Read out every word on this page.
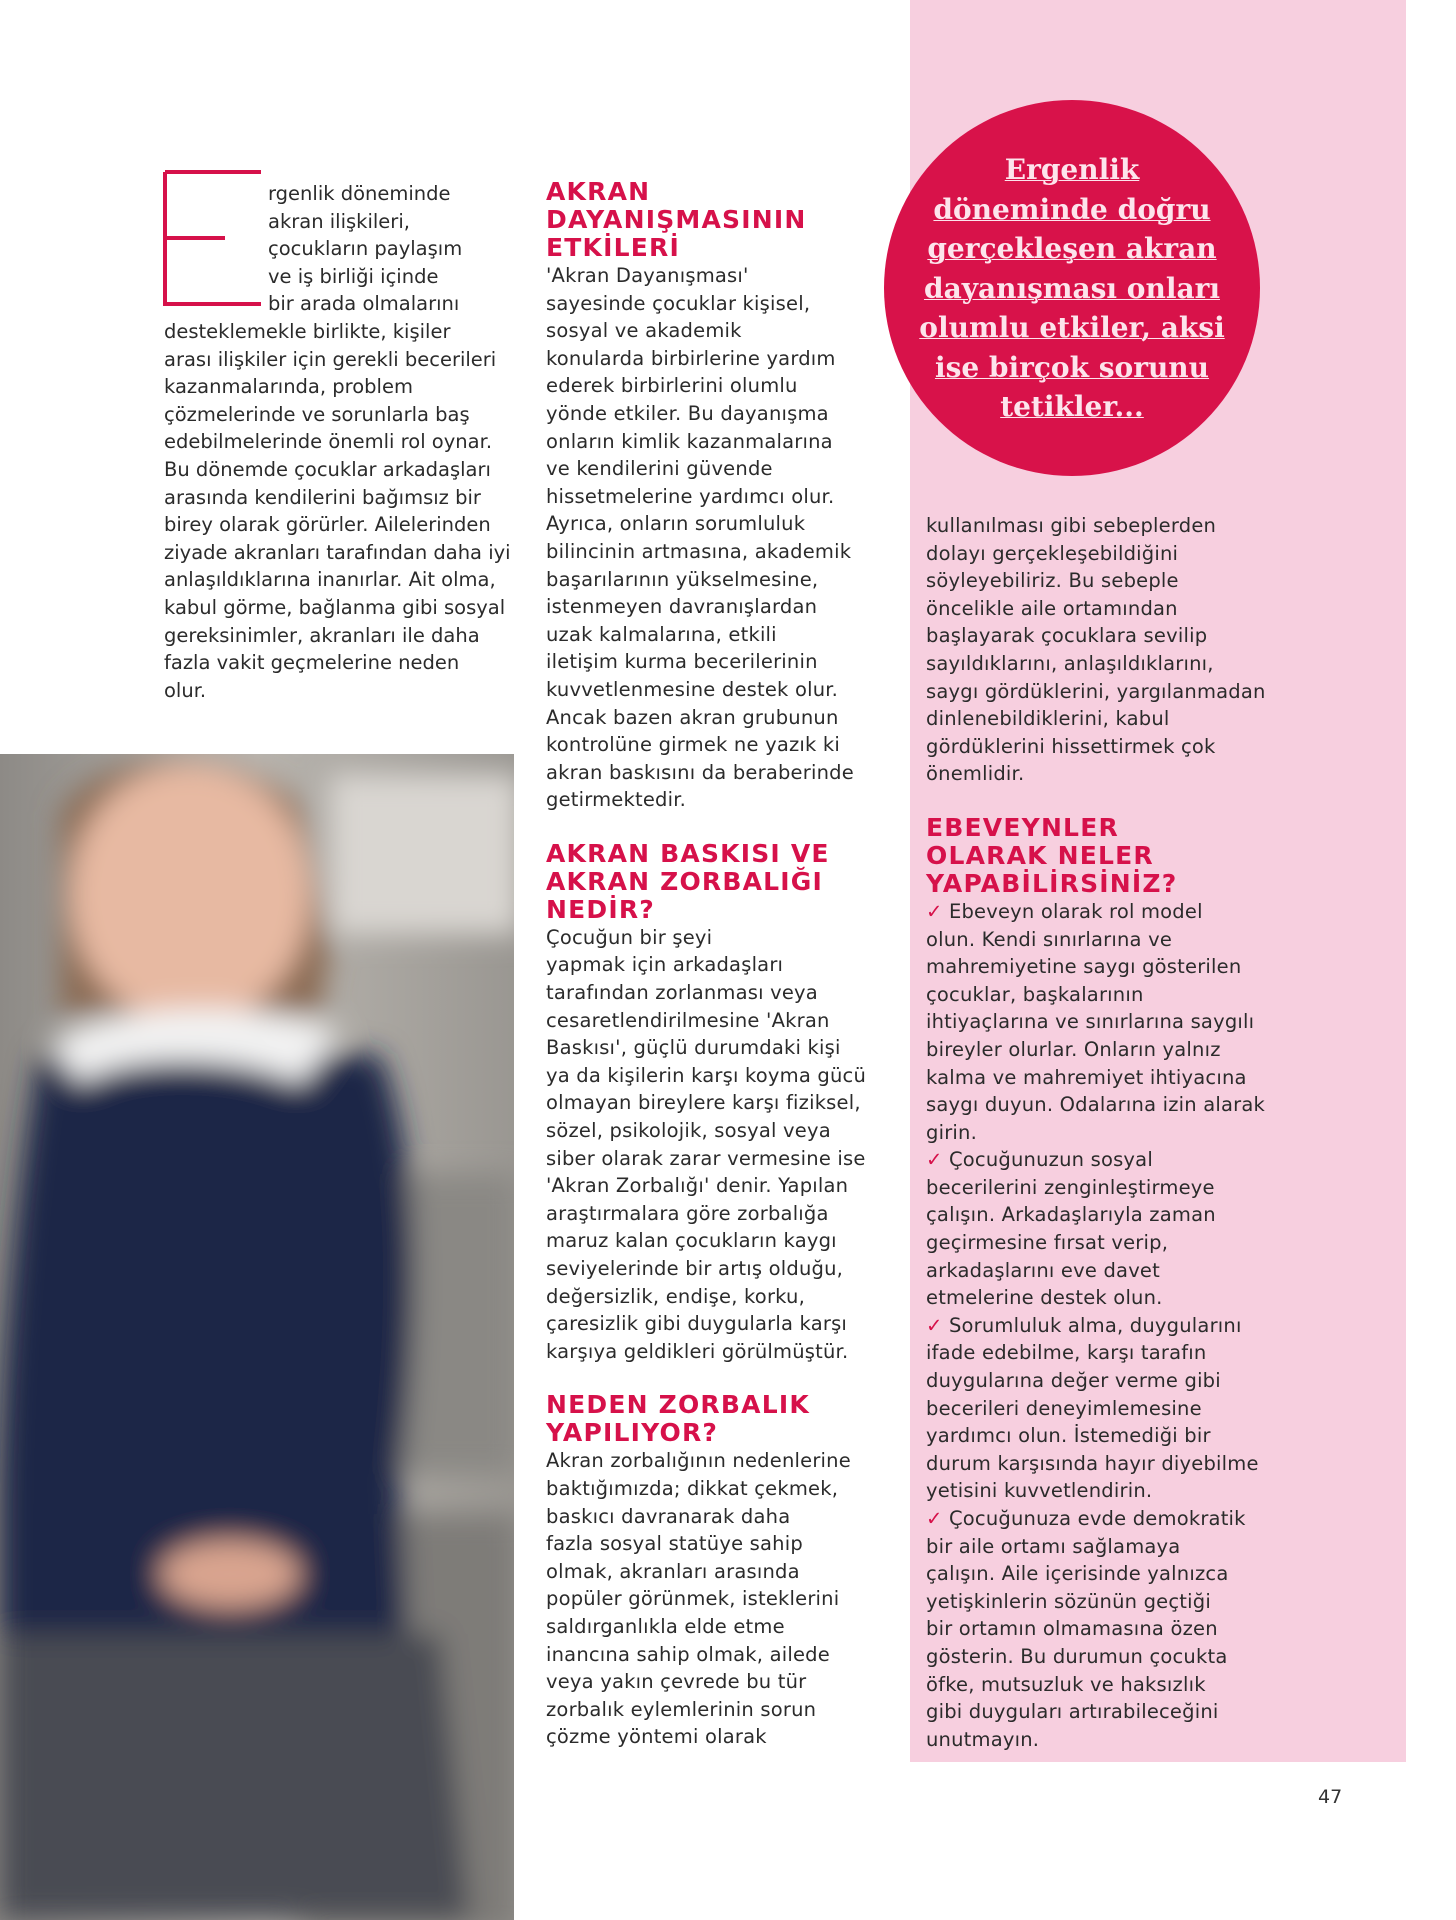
rgenlik döneminde
akran ilişkileri,
çocukların paylaşım
ve iş birliği içinde
bir arada olmalarını
desteklemekle birlikte, kişiler
arası ilişkiler için gerekli becerileri
kazanmalarında, problem
çözmelerinde ve sorunlarla baş
edebilmelerinde önemli rol oynar.
Bu dönemde çocuklar arkadaşları
arasında kendilerini bağımsız bir
birey olarak görürler. Ailelerinden
ziyade akranları tarafından daha iyi
anlaşıldıklarına inanırlar. Ait olma,
kabul görme, bağlanma gibi sosyal
gereksinimler, akranları ile daha
fazla vakit geçmelerine neden
olur.
AKRAN
DAYANIŞMASININ
ETKİLERİ

'Akran Dayanışması'
sayesinde çocuklar kişisel,
sosyal ve akademik
konularda birbirlerine yardım
ederek birbirlerini olumlu
yönde etkiler. Bu dayanışma
onların kimlik kazanmalarına
ve kendilerini güvende
hissetmelerine yardımcı olur.
Ayrıca, onların sorumluluk
bilincinin artmasına, akademik
başarılarının yükselmesine,
istenmeyen davranışlardan
uzak kalmalarına, etkili
iletişim kurma becerilerinin
kuvvetlenmesine destek olur.
Ancak bazen akran grubunun
kontrolüne girmek ne yazık ki
akran baskısını da beraberinde
getirmektedir.

AKRAN BASKISI VE
AKRAN ZORBALIĞI
NEDİR?

Çocuğun bir şeyi
yapmak için arkadaşları
tarafından zorlanması veya
cesaretlendirilmesine 'Akran
Baskısı', güçlü durumdaki kişi
ya da kişilerin karşı koyma gücü
olmayan bireylere karşı fiziksel,
sözel, psikolojik, sosyal veya
siber olarak zarar vermesine ise
'Akran Zorbalığı' denir. Yapılan
araştırmalara göre zorbalığa
maruz kalan çocukların kaygı
seviyelerinde bir artış olduğu,
değersizlik, endişe, korku,
çaresizlik gibi duygularla karşı
karşıya geldikleri görülmüştür.

NEDEN ZORBALIK
YAPILIYOR?

Akran zorbalığının nedenlerine
baktığımızda; dikkat çekmek,
baskıcı davranarak daha
fazla sosyal statüye sahip
olmak, akranları arasında
popüler görünmek, isteklerini
saldırganlıkla elde etme
inancına sahip olmak, ailede
veya yakın çevrede bu tür
zorbalık eylemlerinin sorun
çözme yöntemi olarak

Ergenlik
döneminde doğru
gerçekleşen akran
dayanışması onları
olumlu etkiler, aksi
ise birçok sorunu
tetikler...

kullanılması gibi sebeplerden
dolayı gerçekleşebildiğini
söyleyebiliriz. Bu sebeple
öncelikle aile ortamından
başlayarak çocuklara sevilip
sayıldıklarını, anlaşıldıklarını,
saygı gördüklerini, yargılanmadan
dinlenebildiklerini, kabul
gördüklerini hissettirmek çok
önemlidir.

EBEVEYNLER
OLARAK NELER
YAPABİLİRSİNİZ?

✓ Ebeveyn olarak rol model
olun. Kendi sınırlarına ve
mahremiyetine saygı gösterilen
çocuklar, başkalarının
ihtiyaçlarına ve sınırlarına saygılı
bireyler olurlar. Onların yalnız
kalma ve mahremiyet ihtiyacına
saygı duyun. Odalarına izin alarak
girin.

✓ Çocuğunuzun sosyal
becerilerini zenginleştirmeye
çalışın. Arkadaşlarıyla zaman
geçirmesine fırsat verip,
arkadaşlarını eve davet
etmelerine destek olun.

✓ Sorumluluk alma, duygularını
ifade edebilme, karşı tarafın
duygularına değer verme gibi
becerileri deneyimlemesine
yardımcı olun. İstemediği bir
durum karşısında hayır diyebilme
yetisini kuvvetlendirin.

✓ Çocuğunuza evde demokratik
bir aile ortamı sağlamaya
çalışın. Aile içerisinde yalnızca
yetişkinlerin sözünün geçtiği
bir ortamın olmamasına özen
gösterin. Bu durumun çocukta
öfke, mutsuzluk ve haksızlık
gibi duyguları artırabileceğini
unutmayın.

47
